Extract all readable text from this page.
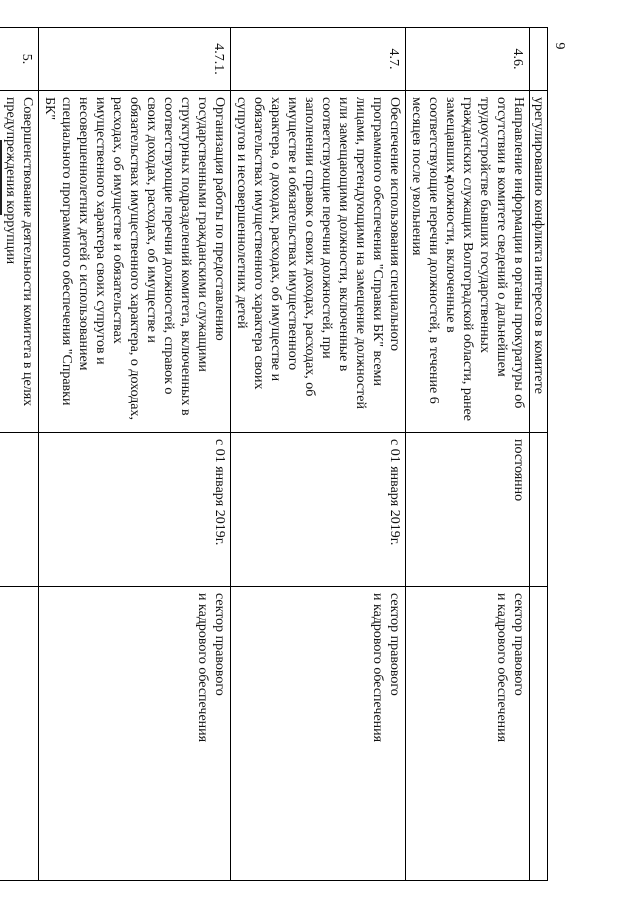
6
	урегулированию конфликта интересов в комитете		
4.6.	Направление информации в органы прокуратуры об отсутствии в комитете сведений о дальнейшем трудоустройстве бывших государственных гражданских служащих Волгоградской области, ранее замещавших должности, включенные в соответствующие перечни должностей, в течение 6 месяцев после увольнения	постоянно	сектор правового
и кадрового обеспечения
4.7.	Обеспечение использования специального программного обеспечения "Справки БК" всеми лицами, претендующими на замещение должностей или замещающими должности, включенные в соответствующие перечни должностей, при заполнении справок о своих доходах, расходах, об имуществе и обязательствах имущественного характера, о доходах, расходах, об имуществе и обязательствах имущественного характера своих супругов и несовершеннолетних детей	с 01 января 2019г.	сектор правового
и кадрового обеспечения
4.7.1.	Организация работы по предоставлению государственными гражданскими служащими структурных подразделений комитета, включенных в соответствующие перечни должностей, справок о своих доходах, расходах, об имуществе и обязательствах имущественного характера, о доходах, расходах, об имуществе и обязательствах имущественного характера своих супругов и несовершеннолетних детей с использованием специального программного обеспечения "Справки БК"	с 01 января 2019г.	сектор правового
и кадрового обеспечения
5.	Совершенствование деятельности комитета в целях предупреждения коррупции		
